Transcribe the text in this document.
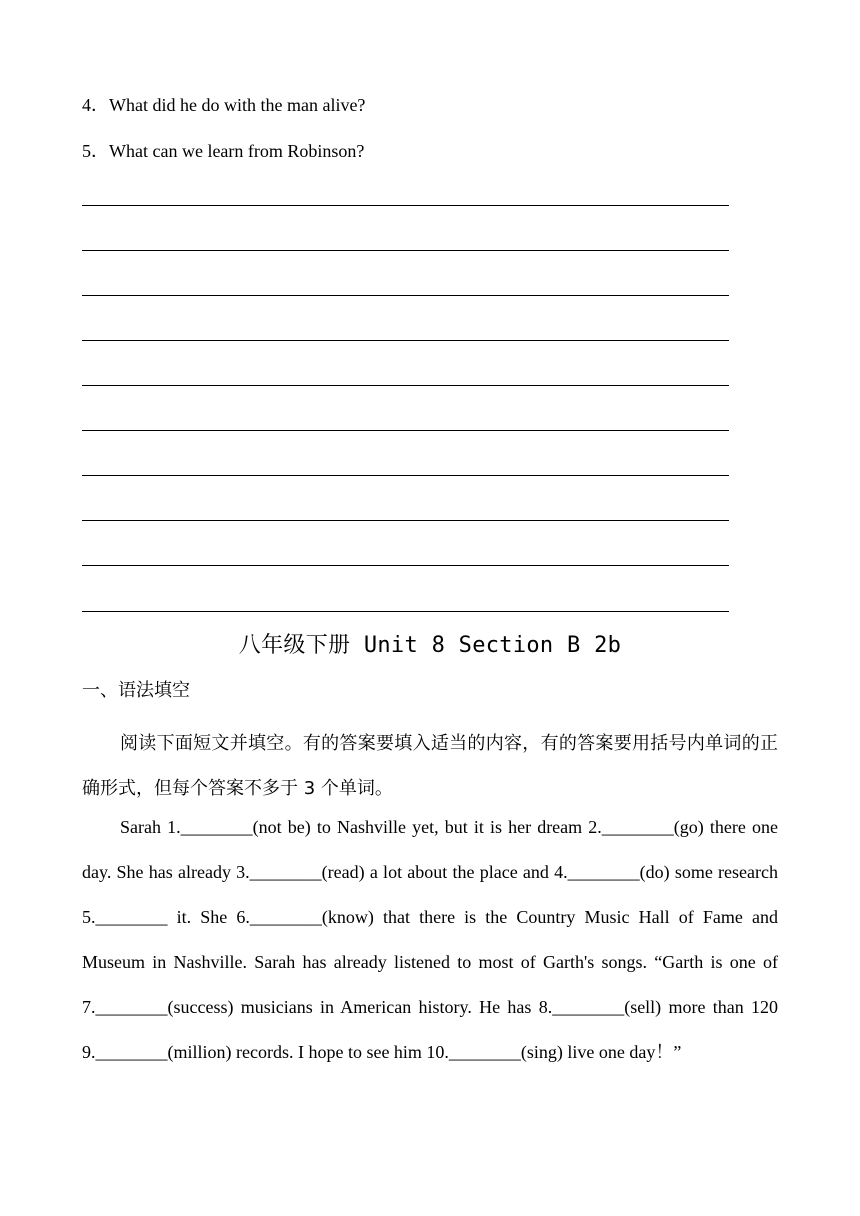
4．What did he do with the man alive?
5．What can we learn from Robinson?
八年级下册 Unit 8 Section B 2b
一、语法填空
阅读下面短文并填空。有的答案要填入适当的内容，有的答案要用括号内单词的正确形式，但每个答案不多于 3 个单词。
Sarah 1.________(not be) to Nashville yet, but it is her dream 2.________(go) there one day. She has already 3.________(read) a lot about the place and 4.________(do) some research 5.________ it. She 6.________(know) that there is the Country Music Hall of Fame and Museum in Nashville. Sarah has already listened to most of Garth's songs. “Garth is one of 7.________(success) musicians in American history. He has 8.________(sell) more than 120 9.________(million) records. I hope to see him 10.________(sing) live one day！”
